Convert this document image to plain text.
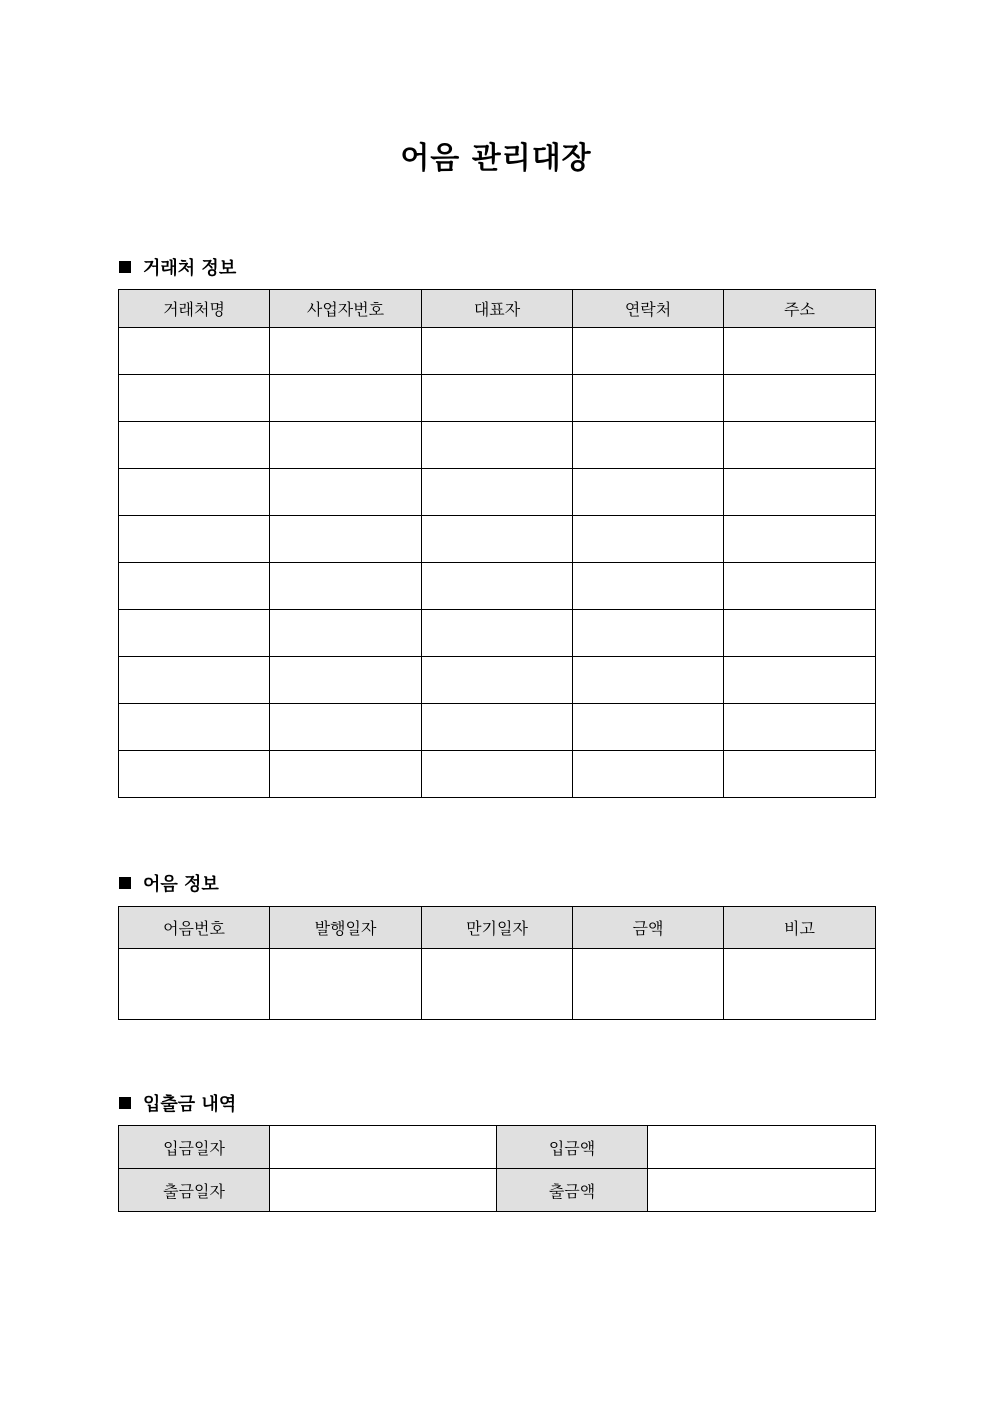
어음 관리대장
거래처 정보
거래처명	사업자번호	대표자	연락처	주소

어음 정보
어음번호	발행일자	만기일자	금액	비고

입출금 내역
입금일자		입금액	
출금일자		출금액	
